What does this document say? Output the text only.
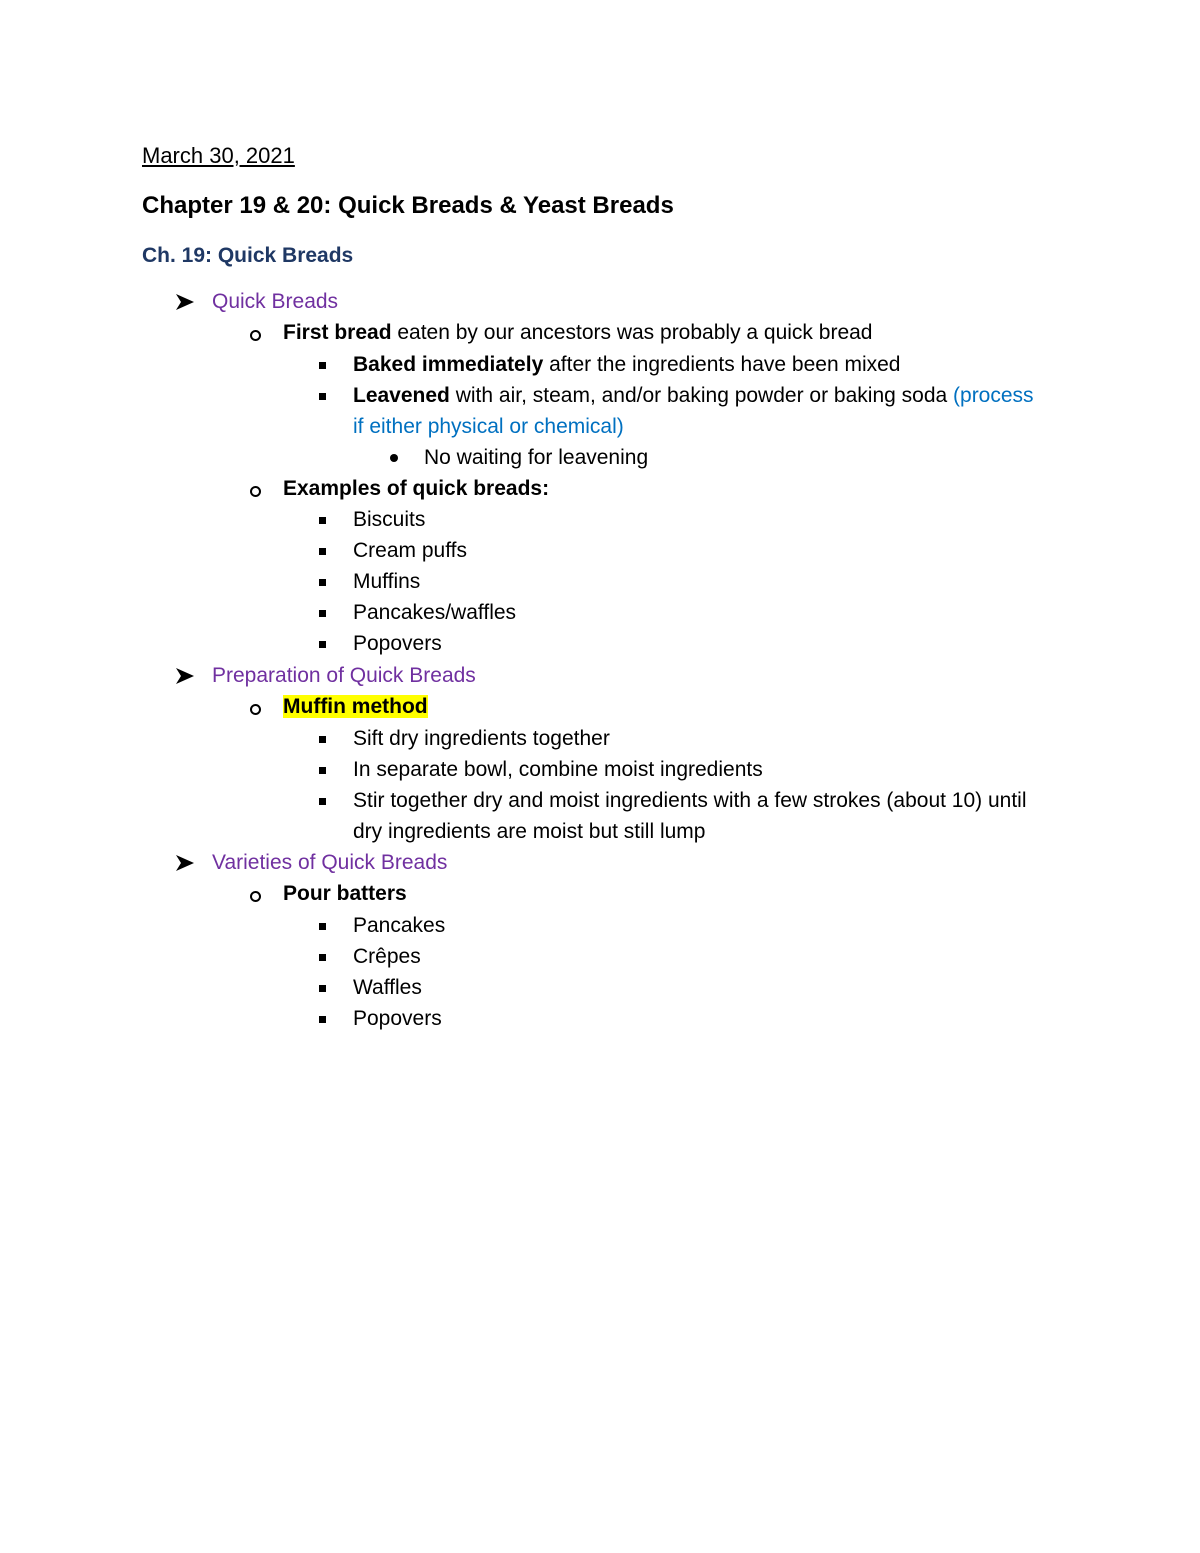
March 30, 2021
Chapter 19 & 20: Quick Breads & Yeast Breads
Ch. 19: Quick Breads
Quick Breads
First bread eaten by our ancestors was probably a quick bread
Baked immediately after the ingredients have been mixed
Leavened with air, steam, and/or baking powder or baking soda (process
if either physical or chemical)
No waiting for leavening
Examples of quick breads:
Biscuits
Cream puffs
Muffins
Pancakes/waffles
Popovers
Preparation of Quick Breads
Muffin method
Sift dry ingredients together
In separate bowl, combine moist ingredients
Stir together dry and moist ingredients with a few strokes (about 10) until
dry ingredients are moist but still lump
Varieties of Quick Breads
Pour batters
Pancakes
Crêpes
Waffles
Popovers
